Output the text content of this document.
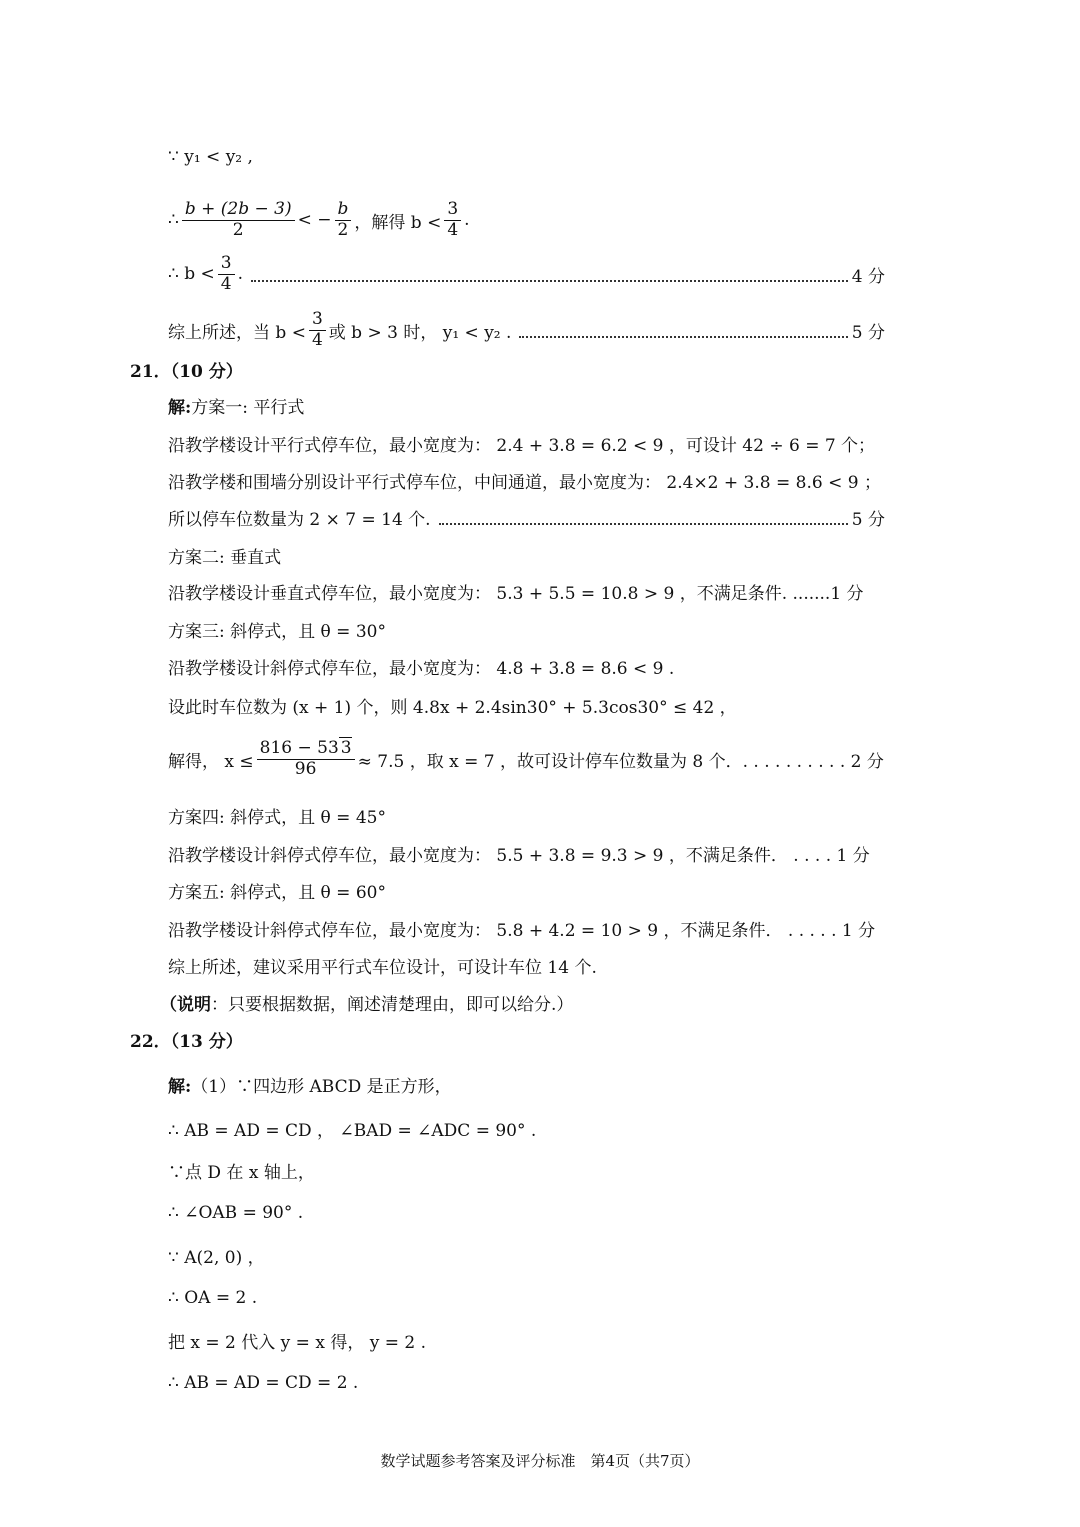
∵ y₁ < y₂ ,
∴ $\frac{b + (2b - 3)}{2}$ < − $\frac{b}{2}$ ，解得 $b < \frac{3}{4}$ .
∴ $b < \frac{3}{4}$ .	4 分
综上所述，当 $b < \frac{3}{4}$ 或 b > 3 时， y₁ < y₂ .	5 分
21．（10 分）
解: 方案一: 平行式
沿教学楼设计平行式停车位，最小宽度为： 2.4 + 3.8 = 6.2 < 9 ，可设计 42 ÷ 6 = 7 个；
沿教学楼和围墙分别设计平行式停车位，中间通道，最小宽度为： 2.4×2 + 3.8 = 8.6 < 9 ；
所以停车位数量为 2 × 7 = 14 个.	5 分
方案二: 垂直式
沿教学楼设计垂直式停车位，最小宽度为： 5.3 + 5.5 = 10.8 > 9 ，不满足条件. .......1 分
方案三: 斜停式，且 θ = 30°
沿教学楼设计斜停式停车位，最小宽度为： 4.8 + 3.8 = 8.6 < 9 .
设此时车位数为 (x + 1) 个，则 4.8x + 2.4sin30° + 5.3cos30° ≤ 42 ，
解得， $x \le \frac{816 - 53 3}{96} \approx 7.5$ ，取 x = 7 ，故可设计停车位数量为 8 个．. . . . . . . . . . 2 分
方案四: 斜停式，且 θ = 45°
沿教学楼设计斜停式停车位，最小宽度为： 5.5 + 3.8 = 9.3 > 9 ，不满足条件． . . . . 1 分
方案五: 斜停式，且 θ = 60°
沿教学楼设计斜停式停车位，最小宽度为： 5.8 + 4.2 = 10 > 9 ，不满足条件． . . . . . 1 分
综上所述，建议采用平行式车位设计，可设计车位 14 个.
（说明 ：只要根据数据，阐述清楚理由，即可以给分.）
22．（13 分）
解: （1）∵四边形 ABCD 是正方形，
∴ AB = AD = CD ， ∠BAD = ∠ADC = 90° .
∵点 D 在 x 轴上，
∴ ∠OAB = 90° .
∵ A(2, 0) ，
∴ OA = 2 .
把 x = 2 代入 y = x 得， y = 2 .
∴ AB = AD = CD = 2 .
数学试题参考答案及评分标准　第4页（共7页）
